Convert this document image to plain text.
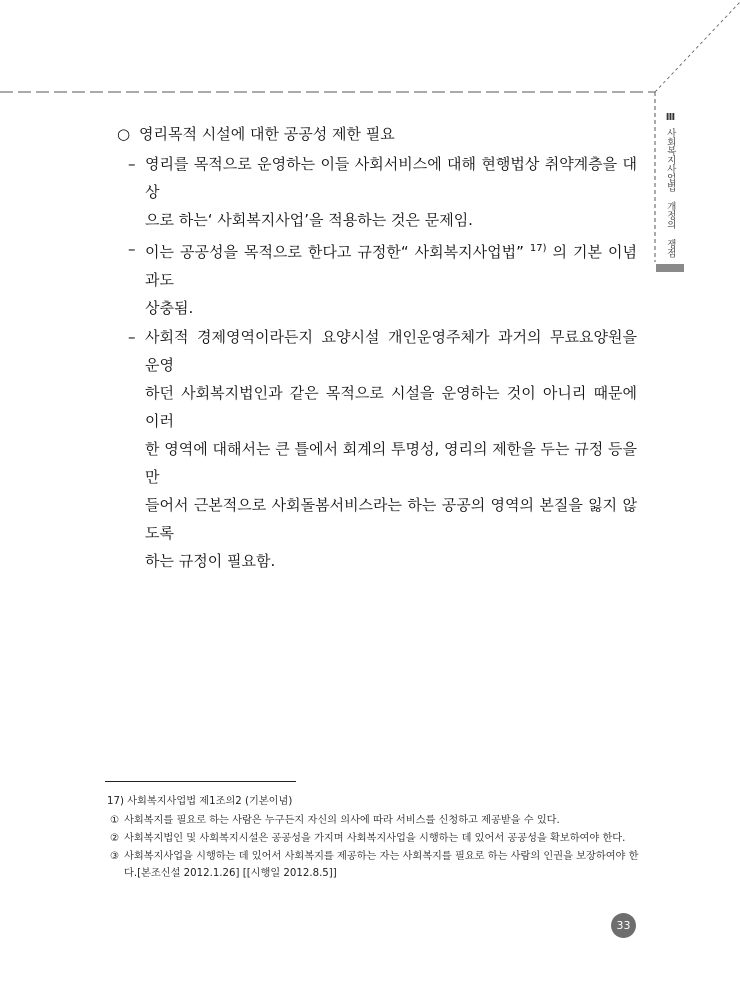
Ⅲ
사회복지사업법 개정의 쟁점
○ 영리목적 시설에 대한 공공성 제한 필요
– 영리를 목적으로 운영하는 이들 사회서비스에 대해 현행법상 취약계층을 대상
으로 하는‘ 사회복지사업’을 적용하는 것은 문제임.
– 이는 공공성을 목적으로 한다고 규정한“ 사회복지사업법” $^{17)}$ 의 기본 이념과도
상충됨.
– 사회적 경제영역이라든지 요양시설 개인운영주체가 과거의 무료요양원을 운영
하던 사회복지법인과 같은 목적으로 시설을 운영하는 것이 아니리 때문에 이러
한 영역에 대해서는 큰 틀에서 회계의 투명성, 영리의 제한을 두는 규정 등을 만
들어서 근본적으로 사회돌봄서비스라는 하는 공공의 영역의 본질을 잃지 않도록
하는 규정이 필요함.
17) 사회복지사업법 제1조의2 (기본이념)
① 사회복지를 필요로 하는 사람은 누구든지 자신의 의사에 따라 서비스를 신청하고 제공받을 수 있다.
② 사회복지법인 및 사회복지시설은 공공성을 가지며 사회복지사업을 시행하는 데 있어서 공공성을 확보하여야 한다.
③ 사회복지사업을 시행하는 데 있어서 사회복지를 제공하는 자는 사회복지를 필요로 하는 사람의 인권을 보장하여야 한다.[본조신설 2012.1.26] [[시행일 2012.8.5]]
33
